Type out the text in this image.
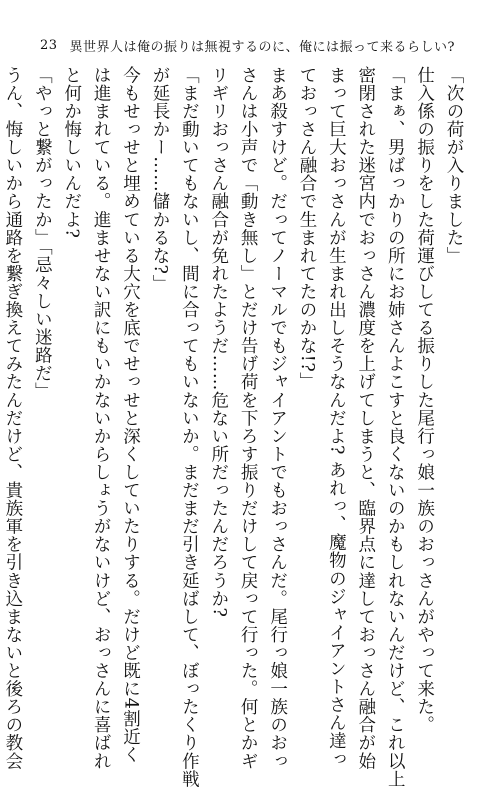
23 異世界人は俺の振りは無視するのに、俺には振って来るらしい?
「次の荷が入りました」
仕入係の振りをした荷運びしてる振りした尾行っ娘一族のおっさんがやって来た。
「まぁ、男ばっかりの所にお姉さんよこすと良くないのかもしれないんだけど、これ以上
密閉された迷宮内でおっさん濃度を上げてしまうと、臨界点に達しておっさん融合が始
まって巨大おっさんが生まれ出しそうなんだよ? あれっ、魔物のジャイアントさん達っ
ておっさん融合で生まれてたのかな!?」
まあ殺すけど。だってノーマルでもジャイアントでもおっさんだ。尾行っ娘一族のおっ
さんは小声で「動き無し」とだけ告げ荷を下ろす振りだけして戻って行った。何とかギ
リギリおっさん融合が免れたようだ……危ない所だったんだろうか?
「まだ動いてもないし、間に合ってもいないか。まだまだ引き延ばして、ぼったくり作戦
が延長かー……儲かるな?」
今もせっせと埋めている大穴を底でせっせと深くしていたりする。だけど既に4割近く
は進まれている。進ませない訳にもいかないからしょうがないけど、おっさんに喜ばれ
と何か悔しいんだよ?
「やっと繋がったか」「忌々しい迷路だ」
うん、悔しいから通路を繋ぎ換えてみたんだけど、貴族軍を引き込まないと後ろの教会
